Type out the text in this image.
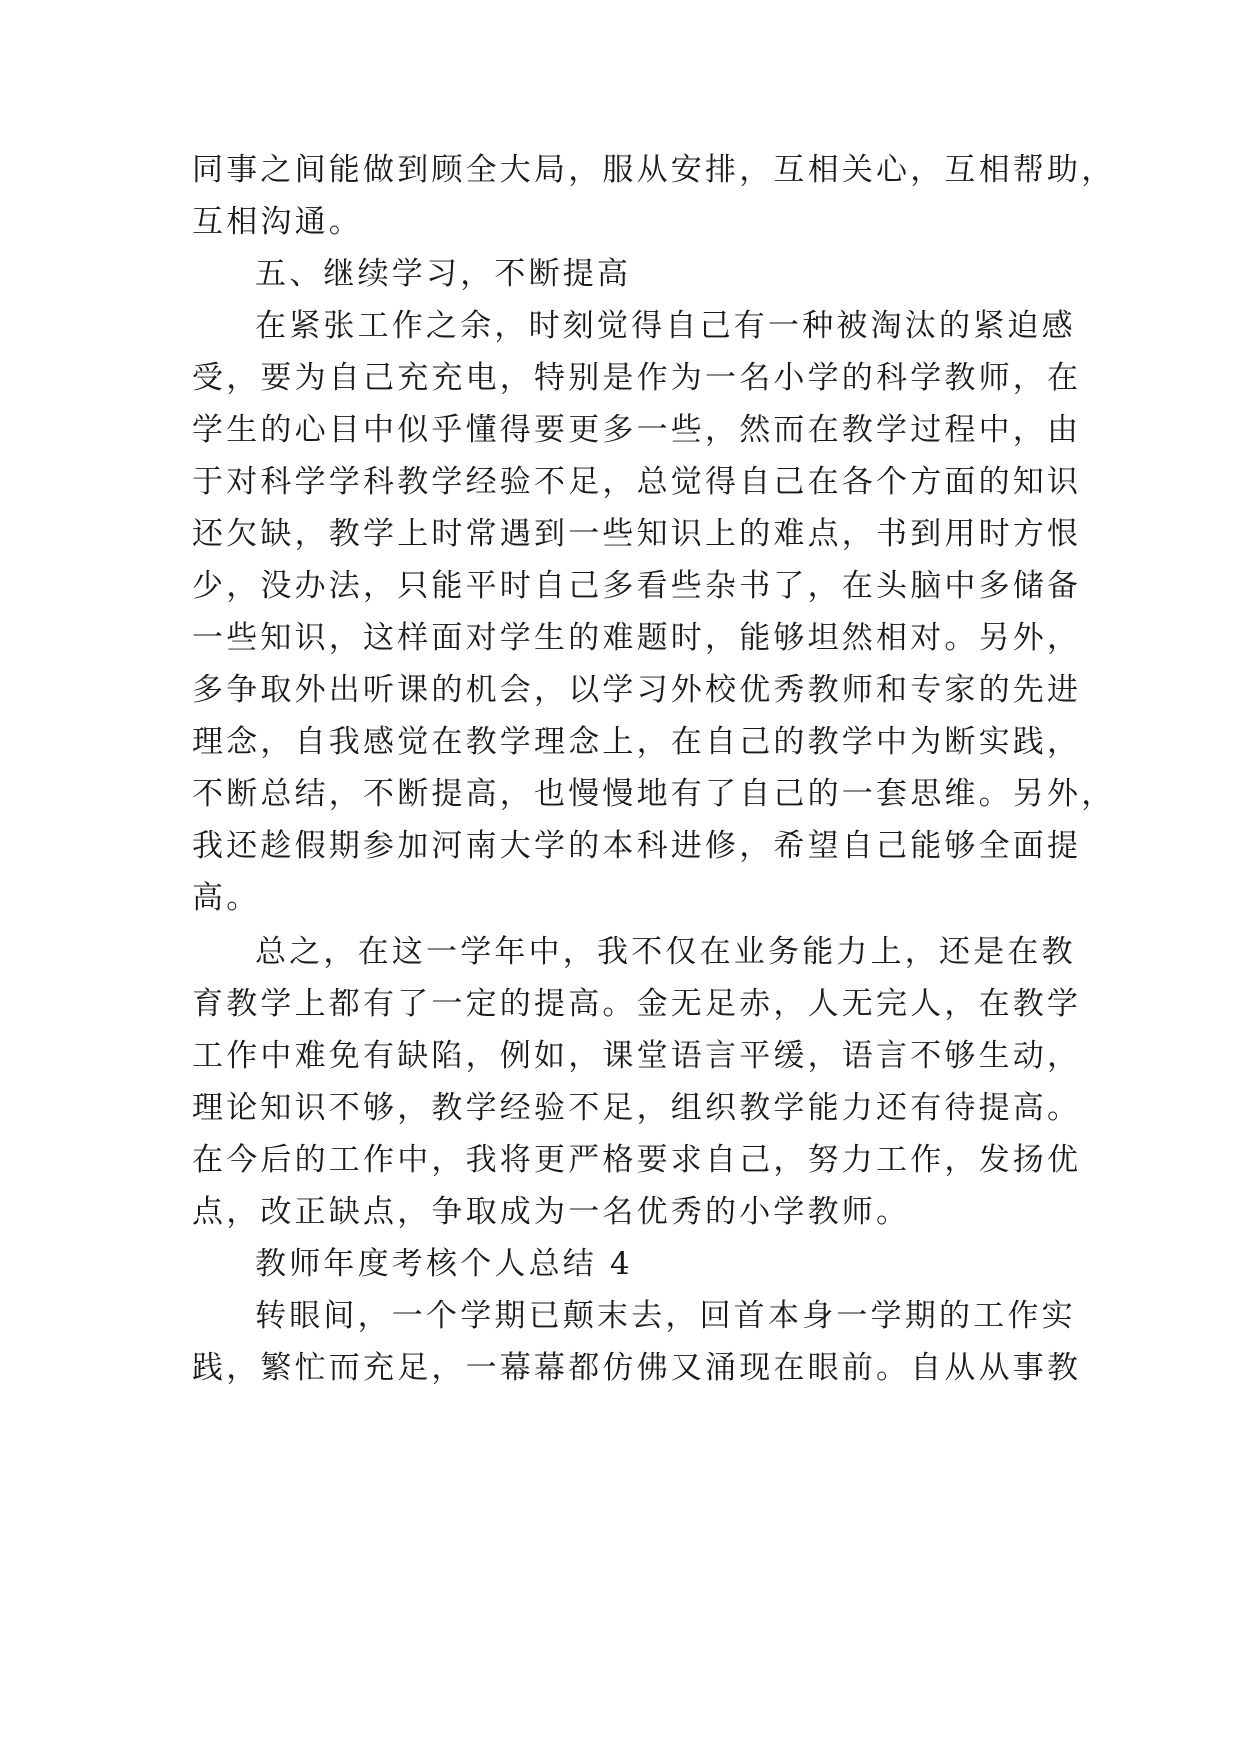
同事之间能做到顾全大局，服从安排，互相关心，互相帮助，
互相沟通。
五、继续学习，不断提高
在紧张工作之余，时刻觉得自己有一种被淘汰的紧迫感
受，要为自己充充电，特别是作为一名小学的科学教师，在
学生的心目中似乎懂得要更多一些，然而在教学过程中，由
于对科学学科教学经验不足，总觉得自己在各个方面的知识
还欠缺，教学上时常遇到一些知识上的难点，书到用时方恨
少，没办法，只能平时自己多看些杂书了，在头脑中多储备
一些知识，这样面对学生的难题时，能够坦然相对。另外，
多争取外出听课的机会，以学习外校优秀教师和专家的先进
理念，自我感觉在教学理念上，在自己的教学中为断实践，
不断总结，不断提高，也慢慢地有了自己的一套思维。另外，
我还趁假期参加河南大学的本科进修，希望自己能够全面提
高。
总之，在这一学年中，我不仅在业务能力上，还是在教
育教学上都有了一定的提高。金无足赤，人无完人，在教学
工作中难免有缺陷，例如，课堂语言平缓，语言不够生动，
理论知识不够，教学经验不足，组织教学能力还有待提高。
在今后的工作中，我将更严格要求自己，努力工作，发扬优
点，改正缺点，争取成为一名优秀的小学教师。
教师年度考核个人总结 4
转眼间，一个学期已颠末去，回首本身一学期的工作实
践，繁忙而充足，一幕幕都仿佛又涌现在眼前。自从从事教
